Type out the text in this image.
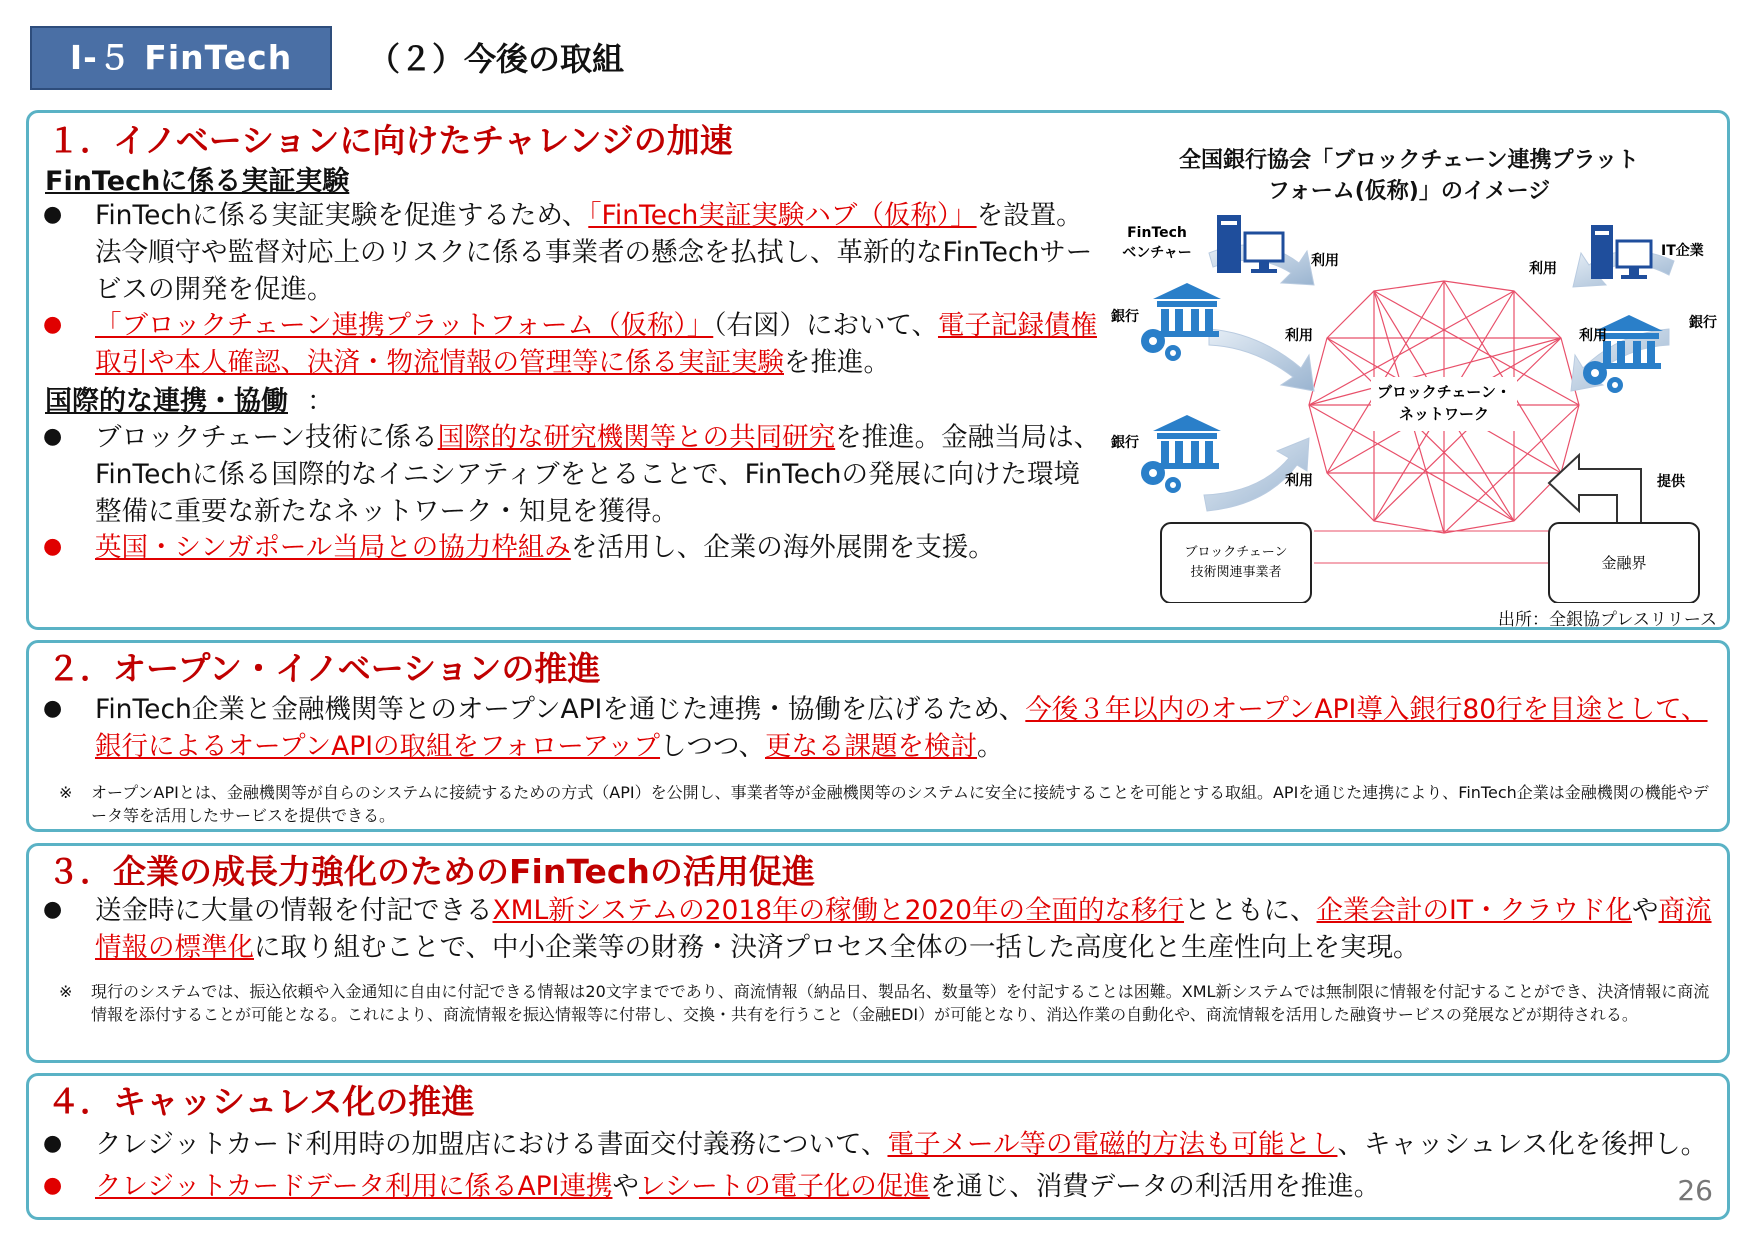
Ⅰ-５ FinTech	（２）今後の取組
１．イノベーションに向けたチャレンジの加速
FinTechに係る実証実験
● FinTechに係る実証実験を促進するため、「FinTech実証実験ハブ（仮称）」を設置。法令順守や監督対応上のリスクに係る事業者の懸念を払拭し、革新的なFinTechサービスの開発を促進。
● 「ブロックチェーン連携プラットフォーム（仮称）」（右図）において、電子記録債権取引や本人確認、決済・物流情報の管理等に係る実証実験を推進。
国際的な連携・協働 ：
● ブロックチェーン技術に係る国際的な研究機関等との共同研究を推進。金融当局は、FinTechに係る国際的なイニシアティブをとることで、FinTechの発展に向けた環境整備に重要な新たなネットワーク・知見を獲得。
● 英国・シンガポール当局との協力枠組みを活用し、企業の海外展開を支援。
全国銀行協会「ブロックチェーン連携プラット
フォーム(仮称)」のイメージ
ブロックチェーン・
ネットワーク
FinTech
ベンチャー	IT企業
銀行	銀行
銀行
利用	利用
利用	利用
利用	提供
ブロックチェーン
技術関連事業者
金融界
出所：全銀協プレスリリース
２．オープン・イノベーションの推進
● FinTech企業と金融機関等とのオープンAPIを通じた連携・協働を広げるため、今後３年以内のオープンAPI導入銀行80行を目途として、銀行によるオープンAPIの取組をフォローアップしつつ、更なる課題を検討。
※ オープンAPIとは、金融機関等が自らのシステムに接続するための方式（API）を公開し、事業者等が金融機関等のシステムに安全に接続することを可能とする取組。APIを通じた連携により、FinTech企業は金融機関の機能やデータ等を活用したサービスを提供できる。
３．企業の成長力強化のためのFinTechの活用促進
● 送金時に大量の情報を付記できるXML新システムの2018年の稼働と2020年の全面的な移行とともに、企業会計のIT・クラウド化や商流情報の標準化に取り組むことで、中小企業等の財務・決済プロセス全体の一括した高度化と生産性向上を実現。
※ 現行のシステムでは、振込依頼や入金通知に自由に付記できる情報は20文字までであり、商流情報（納品日、製品名、数量等）を付記することは困難。XML新システムでは無制限に情報を付記することができ、決済情報に商流情報を添付することが可能となる。これにより、商流情報を振込情報等に付帯し、交換・共有を行うこと（金融EDI）が可能となり、消込作業の自動化や、商流情報を活用した融資サービスの発展などが期待される。
４．キャッシュレス化の推進
● クレジットカード利用時の加盟店における書面交付義務について、電子メール等の電磁的方法も可能とし、キャッシュレス化を後押し。
● クレジットカードデータ利用に係るAPI連携やレシートの電子化の促進を通じ、消費データの利活用を推進。	26
